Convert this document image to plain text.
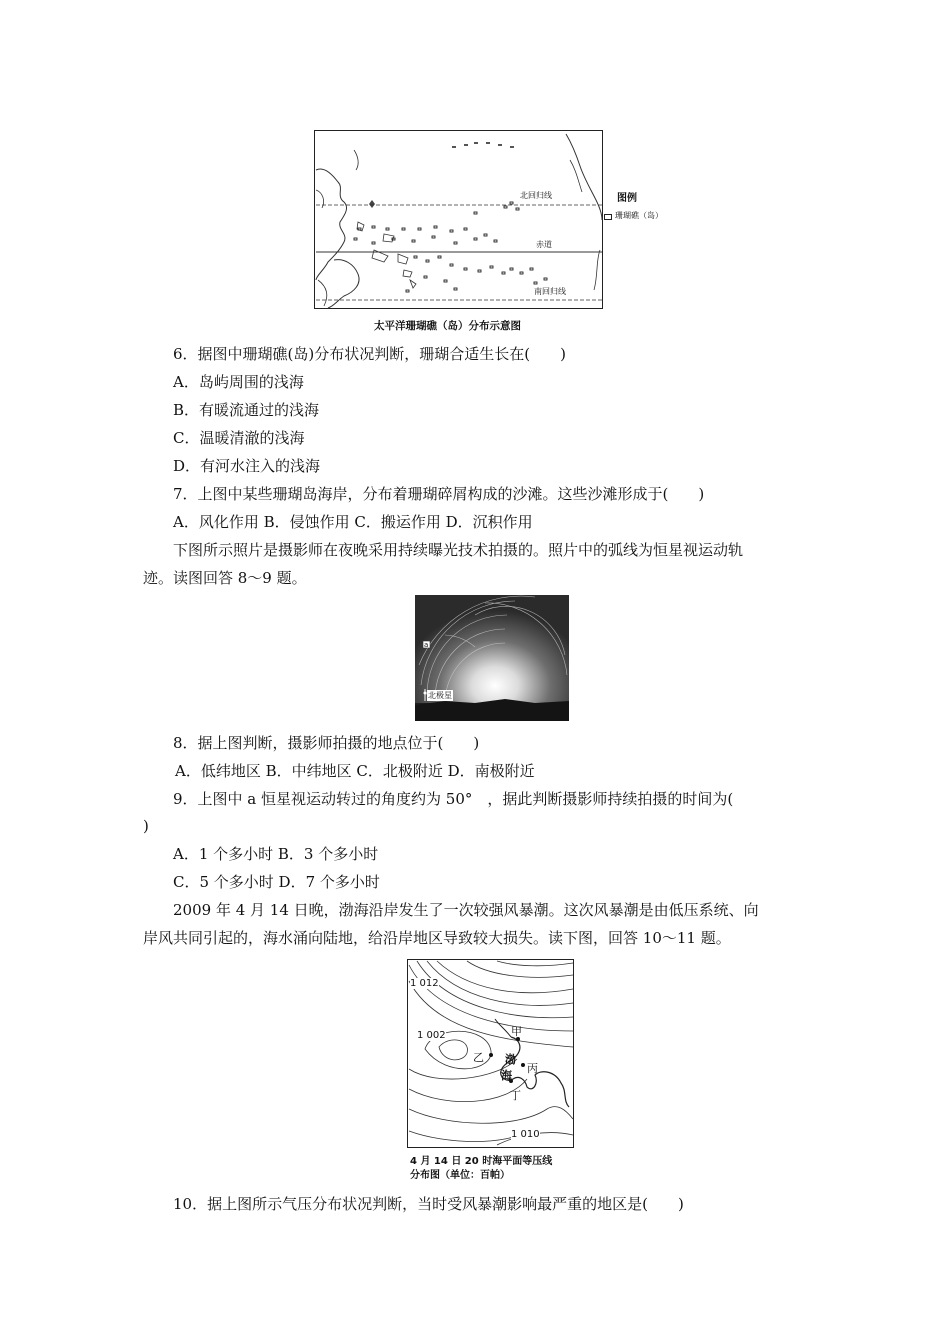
北回归线
赤道
南回归线
图例
珊瑚礁（岛）
太平洋珊瑚礁（岛）分布示意图
6．据图中珊瑚礁(岛)分布状况判断，珊瑚合适生长在(　　)
A．岛屿周围的浅海
B．有暖流通过的浅海
C．温暖清澈的浅海
D．有河水注入的浅海
7．上图中某些珊瑚岛海岸，分布着珊瑚碎屑构成的沙滩。这些沙滩形成于(　　)
A．风化作用 B．侵蚀作用 C．搬运作用 D．沉积作用
下图所示照片是摄影师在夜晚采用持续曝光技术拍摄的。照片中的弧线为恒星视运动轨
迹。读图回答 8～9 题。
a
北极星
8．据上图判断，摄影师拍摄的地点位于(　　)
A．低纬地区 B．中纬地区 C．北极附近 D．南极附近
9．上图中 a 恒星视运动转过的角度约为 50°　，据此判断摄影师持续拍摄的时间为(
)
A．1 个多小时 B．3 个多小时
C．5 个多小时 D．7 个多小时
2009 年 4 月 14 日晚，渤海沿岸发生了一次较强风暴潮。这次风暴潮是由低压系统、向
岸风共同引起的，海水涌向陆地，给沿岸地区导致较大损失。读下图，回答 10～11 题。
1 012
1 002
1 010
甲
乙 渤
海
丙
丁
4 月 14 日 20 时海平面等压线
分布图（单位：百帕）
10．据上图所示气压分布状况判断，当时受风暴潮影响最严重的地区是(　　)
